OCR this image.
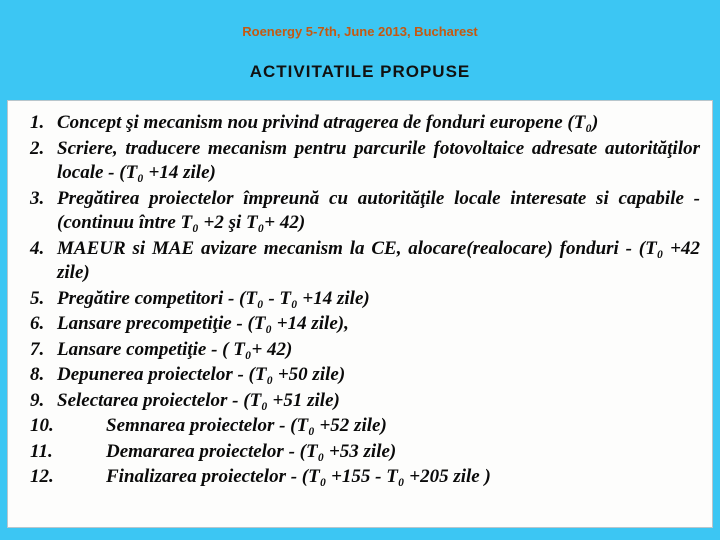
Roenergy 5-7th, June 2013, Bucharest
ACTIVITATILE PROPUSE
1. Concept şi mecanism nou privind atragerea de fonduri europene (T₀)
2. Scriere, traducere mecanism pentru parcurile fotovoltaice adresate autorităţilor locale - (T₀ +14 zile)
3. Pregătirea proiectelor împreună cu autorităţile locale interesate si capabile - (continuu între T₀ +2 şi T₀+ 42)
4. MAEUR si MAE avizare mecanism la CE, alocare(realocare) fonduri - (T₀ +42 zile)
5. Pregătire competitori - (T₀ - T₀ +14 zile)
6. Lansare precompetiţie - (T₀ +14 zile),
7. Lansare competiţie - ( T₀+ 42)
8. Depunerea proiectelor - (T₀ +50 zile)
9. Selectarea proiectelor - (T₀ +51 zile)
10.	Semnarea proiectelor - (T₀ +52 zile)
11.	Demararea proiectelor - (T₀ +53 zile)
12.	Finalizarea proiectelor - (T₀ +155 - T₀ +205 zile )
